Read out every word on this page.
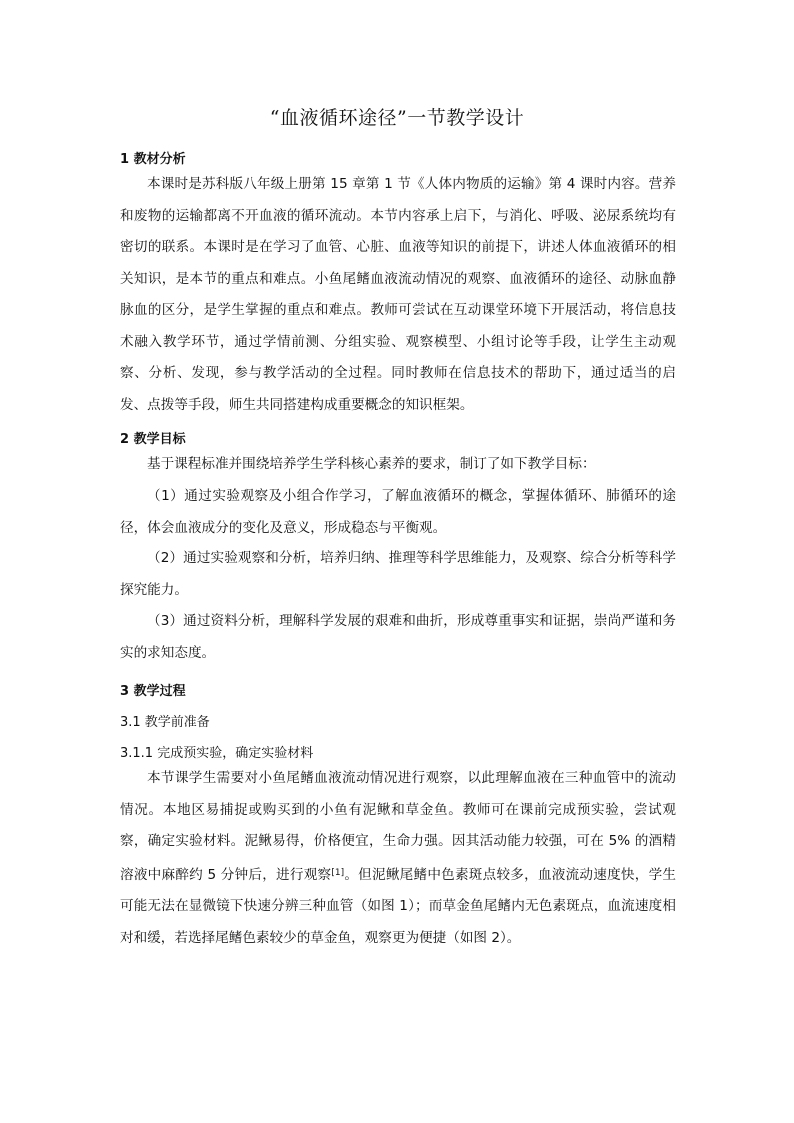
“血液循环途径”一节教学设计
1 教材分析
本课时是苏科版八年级上册第 15 章第 1 节《人体内物质的运输》第 4 课时内容。营养和废物的运输都离不开血液的循环流动。本节内容承上启下，与消化、呼吸、泌尿系统均有密切的联系。本课时是在学习了血管、心脏、血液等知识的前提下，讲述人体血液循环的相关知识，是本节的重点和难点。小鱼尾鳍血液流动情况的观察、血液循环的途径、动脉血静脉血的区分，是学生掌握的重点和难点。教师可尝试在互动课堂环境下开展活动，将信息技术融入教学环节，通过学情前测、分组实验、观察模型、小组讨论等手段，让学生主动观察、分析、发现，参与教学活动的全过程。同时教师在信息技术的帮助下，通过适当的启发、点拨等手段，师生共同搭建构成重要概念的知识框架。
2 教学目标
基于课程标准并围绕培养学生学科核心素养的要求，制订了如下教学目标：
（1）通过实验观察及小组合作学习，了解血液循环的概念，掌握体循环、肺循环的途径，体会血液成分的变化及意义，形成稳态与平衡观。
（2）通过实验观察和分析，培养归纳、推理等科学思维能力，及观察、综合分析等科学探究能力。
（3）通过资料分析，理解科学发展的艰难和曲折，形成尊重事实和证据，崇尚严谨和务实的求知态度。
3 教学过程
3.1 教学前准备
3.1.1 完成预实验，确定实验材料
本节课学生需要对小鱼尾鳍血液流动情况进行观察，以此理解血液在三种血管中的流动情况。本地区易捕捉或购买到的小鱼有泥鳅和草金鱼。教师可在课前完成预实验，尝试观察，确定实验材料。泥鳅易得，价格便宜，生命力强。因其活动能力较强，可在 5% 的酒精溶液中麻醉约 5 分钟后，进行观察[1]。但泥鳅尾鳍中色素斑点较多，血液流动速度快，学生可能无法在显微镜下快速分辨三种血管（如图 1）；而草金鱼尾鳍内无色素斑点，血流速度相对和缓，若选择尾鳍色素较少的草金鱼，观察更为便捷（如图 2）。
